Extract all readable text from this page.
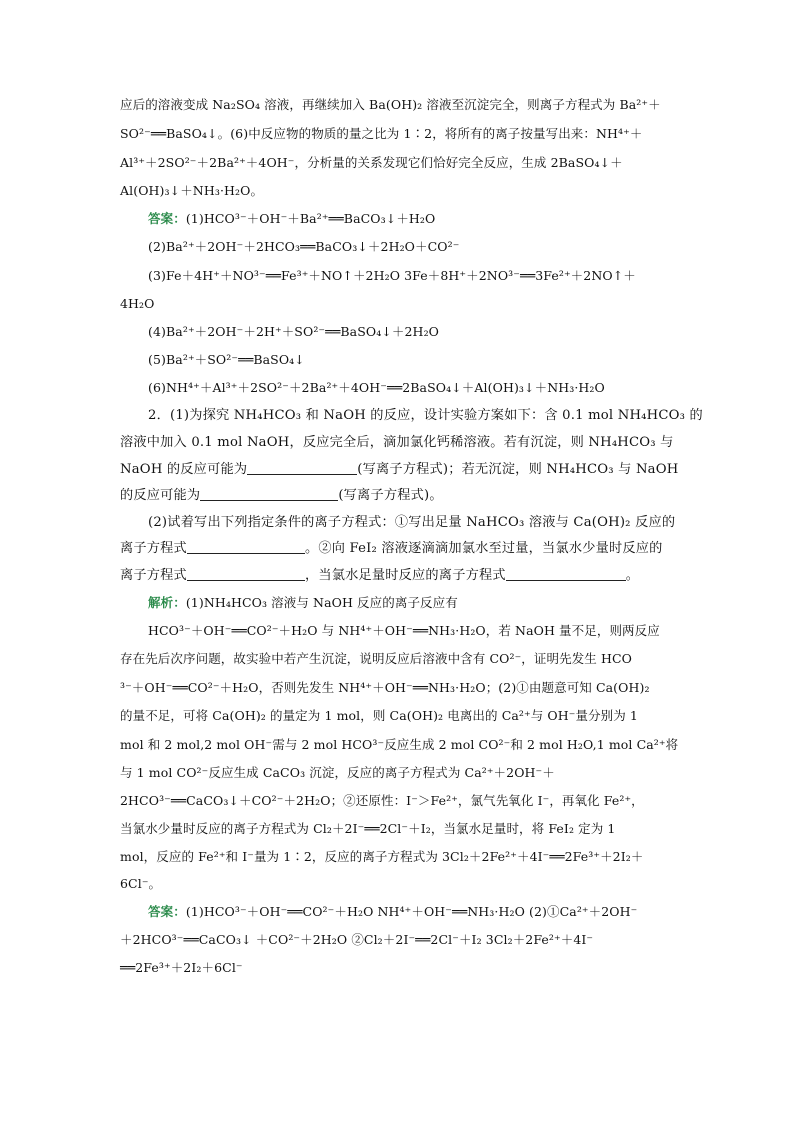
应后的溶液变成 Na₂SO₄ 溶液，再继续加入 Ba(OH)₂ 溶液至沉淀完全，则离子方程式为 Ba²⁺＋
SO²⁻══BaSO₄↓。(6)中反应物的物质的量之比为 1∶2，将所有的离子按量写出来：NH⁴⁺＋
Al³⁺＋2SO²⁻＋2Ba²⁺＋4OH⁻，分析量的关系发现它们恰好完全反应，生成 2BaSO₄↓＋
Al(OH)₃↓＋NH₃·H₂O。
答案：(1)HCO³⁻＋OH⁻＋Ba²⁺══BaCO₃↓＋H₂O
(2)Ba²⁺＋2OH⁻＋2HCO₃══BaCO₃↓＋2H₂O＋CO²⁻
(3)Fe＋4H⁺＋NO³⁻══Fe³⁺＋NO↑＋2H₂O 3Fe＋8H⁺＋2NO³⁻══3Fe²⁺＋2NO↑＋
4H₂O
(4)Ba²⁺＋2OH⁻＋2H⁺＋SO²⁻══BaSO₄↓＋2H₂O
(5)Ba²⁺＋SO²⁻══BaSO₄↓
(6)NH⁴⁺＋Al³⁺＋2SO²⁻＋2Ba²⁺＋4OH⁻══2BaSO₄↓＋Al(OH)₃↓＋NH₃·H₂O
2．(1)为探究 NH₄HCO₃ 和 NaOH 的反应，设计实验方案如下：含 0.1 mol NH₄HCO₃ 的
溶液中加入 0.1 mol NaOH，反应完全后，滴加氯化钙稀溶液。若有沉淀，则 NH₄HCO₃ 与
NaOH 的反应可能为	(写离子方程式)；若无沉淀，则 NH₄HCO₃ 与 NaOH
的反应可能为	(写离子方程式)。
(2)试着写出下列指定条件的离子方程式：①写出足量 NaHCO₃ 溶液与 Ca(OH)₂ 反应的
离子方程式	。②向 FeI₂ 溶液逐滴滴加氯水至过量，当氯水少量时反应的
离子方程式	，当氯水足量时反应的离子方程式	。
解析：(1)NH₄HCO₃ 溶液与 NaOH 反应的离子反应有
HCO³⁻＋OH⁻══CO²⁻＋H₂O 与 NH⁴⁺＋OH⁻══NH₃·H₂O，若 NaOH 量不足，则两反应
存在先后次序问题，故实验中若产生沉淀，说明反应后溶液中含有 CO²⁻，证明先发生 HCO
³⁻＋OH⁻══CO²⁻＋H₂O，否则先发生 NH⁴⁺＋OH⁻══NH₃·H₂O；(2)①由题意可知 Ca(OH)₂
的量不足，可将 Ca(OH)₂ 的量定为 1 mol，则 Ca(OH)₂ 电离出的 Ca²⁺与 OH⁻量分别为 1
mol 和 2 mol,2 mol OH⁻需与 2 mol HCO³⁻反应生成 2 mol CO²⁻和 2 mol H₂O,1 mol Ca²⁺将
与 1 mol CO²⁻反应生成 CaCO₃ 沉淀，反应的离子方程式为 Ca²⁺＋2OH⁻＋
2HCO³⁻══CaCO₃↓＋CO²⁻＋2H₂O；②还原性：I⁻＞Fe²⁺，氯气先氧化 I⁻，再氧化 Fe²⁺，
当氯水少量时反应的离子方程式为 Cl₂＋2I⁻══2Cl⁻＋I₂，当氯水足量时，将 FeI₂ 定为 1
mol，反应的 Fe²⁺和 I⁻量为 1∶2，反应的离子方程式为 3Cl₂＋2Fe²⁺＋4I⁻══2Fe³⁺＋2I₂＋
6Cl⁻。
答案：(1)HCO³⁻＋OH⁻══CO²⁻＋H₂O NH⁴⁺＋OH⁻══NH₃·H₂O (2)①Ca²⁺＋2OH⁻
＋2HCO³⁻══CaCO₃↓ ＋CO²⁻＋2H₂O ②Cl₂＋2I⁻══2Cl⁻＋I₂ 3Cl₂＋2Fe²⁺＋4I⁻
══2Fe³⁺＋2I₂＋6Cl⁻
